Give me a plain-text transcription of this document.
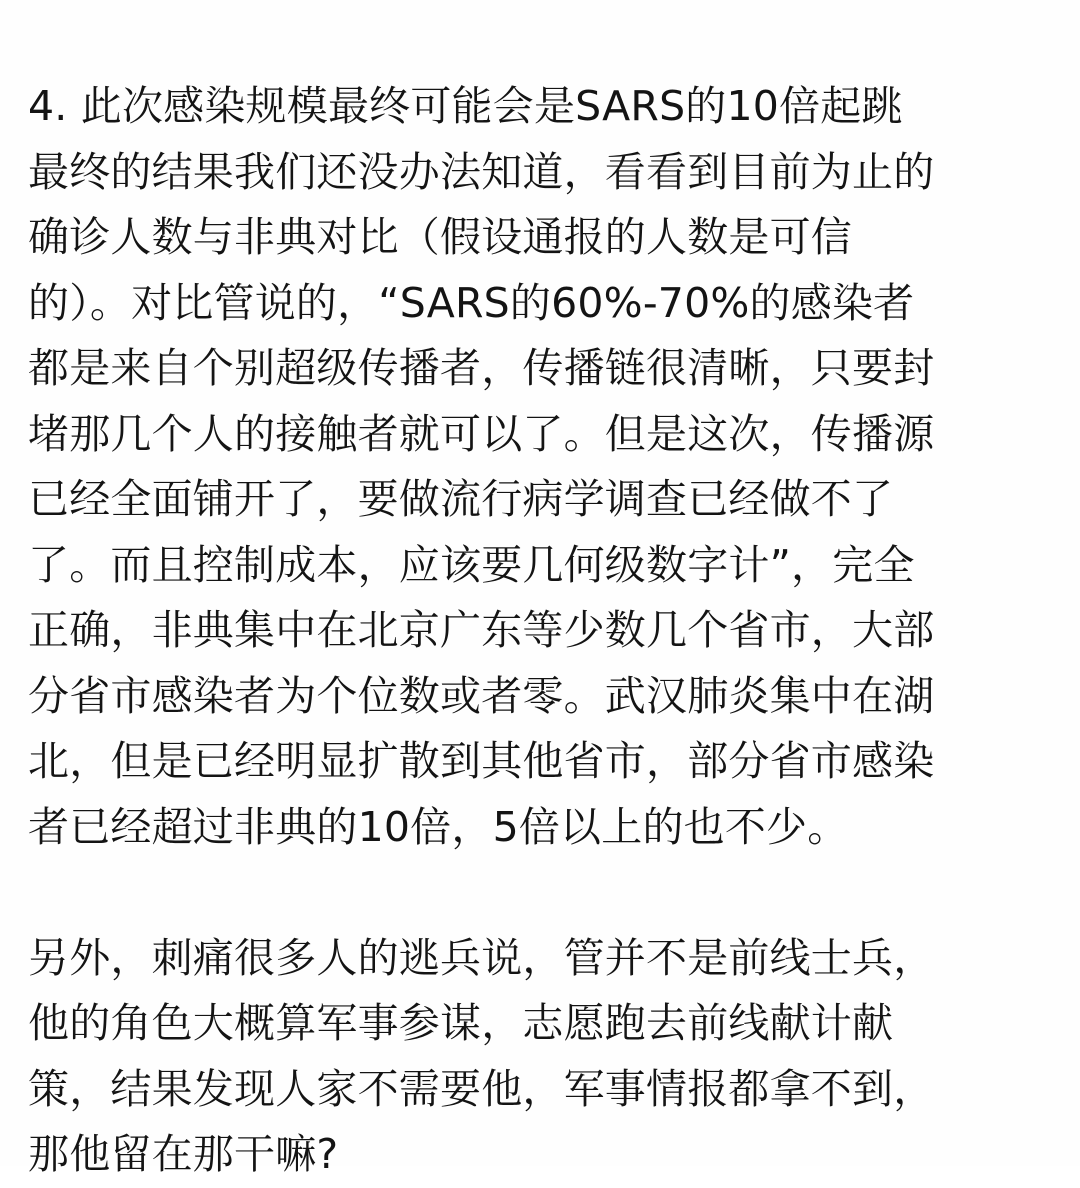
4. 此次感染规模最终可能会是SARS的10倍起跳
最终的结果我们还没办法知道，看看到目前为止的
确诊人数与非典对比（假设通报的人数是可信
的）。对比管说的，“SARS的60%-70%的感染者
都是来自个别超级传播者，传播链很清晰，只要封
堵那几个人的接触者就可以了。但是这次，传播源
已经全面铺开了，要做流行病学调查已经做不了
了。而且控制成本，应该要几何级数字计”，完全
正确，非典集中在北京广东等少数几个省市，大部
分省市感染者为个位数或者零。武汉肺炎集中在湖
北，但是已经明显扩散到其他省市，部分省市感染
者已经超过非典的10倍，5倍以上的也不少。
另外，刺痛很多人的逃兵说，管并不是前线士兵，
他的角色大概算军事参谋，志愿跑去前线献计献
策，结果发现人家不需要他，军事情报都拿不到，
那他留在那干嘛?
